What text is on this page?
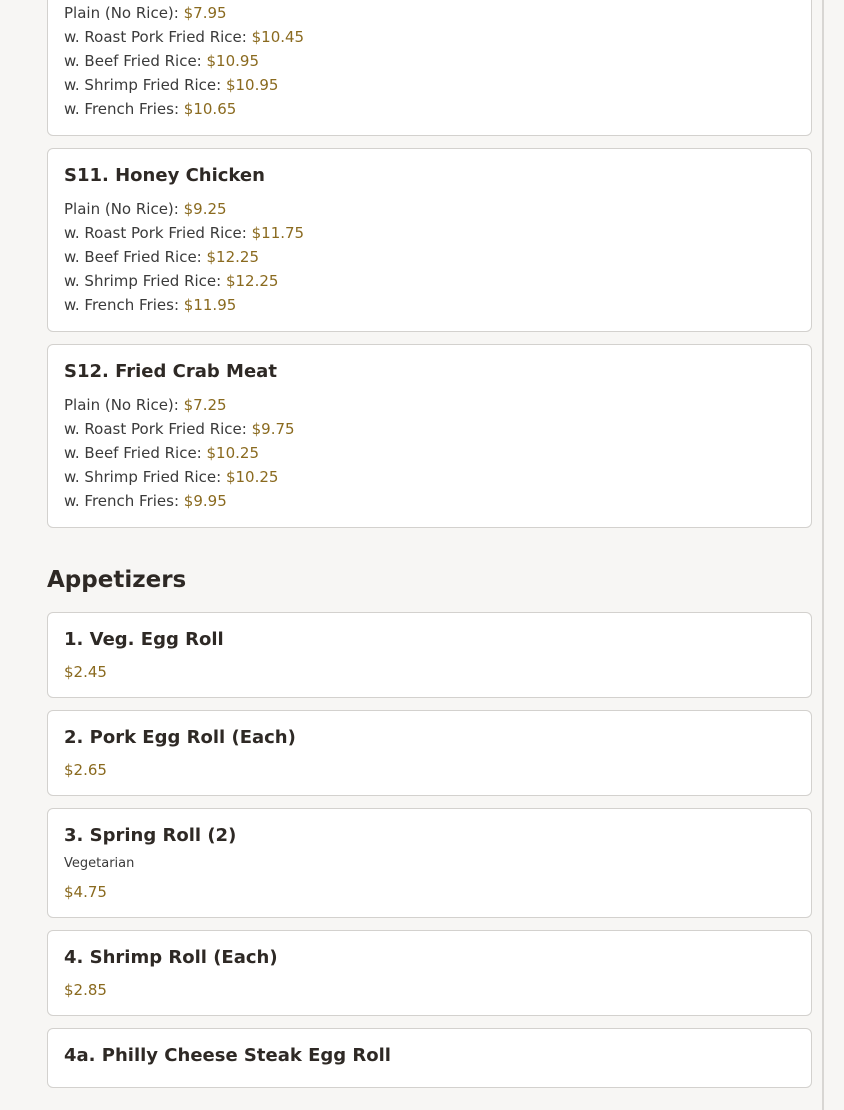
Plain (No Rice): $7.95
w. Roast Pork Fried Rice: $10.45
w. Beef Fried Rice: $10.95
w. Shrimp Fried Rice: $10.95
w. French Fries: $10.65
S11. Honey Chicken
Plain (No Rice): $9.25
w. Roast Pork Fried Rice: $11.75
w. Beef Fried Rice: $12.25
w. Shrimp Fried Rice: $12.25
w. French Fries: $11.95
S12. Fried Crab Meat
Plain (No Rice): $7.25
w. Roast Pork Fried Rice: $9.75
w. Beef Fried Rice: $10.25
w. Shrimp Fried Rice: $10.25
w. French Fries: $9.95
Appetizers
1. Veg. Egg Roll
$2.45
2. Pork Egg Roll (Each)
$2.65
3. Spring Roll (2)
Vegetarian
$4.75
4. Shrimp Roll (Each)
$2.85
4a. Philly Cheese Steak Egg Roll
